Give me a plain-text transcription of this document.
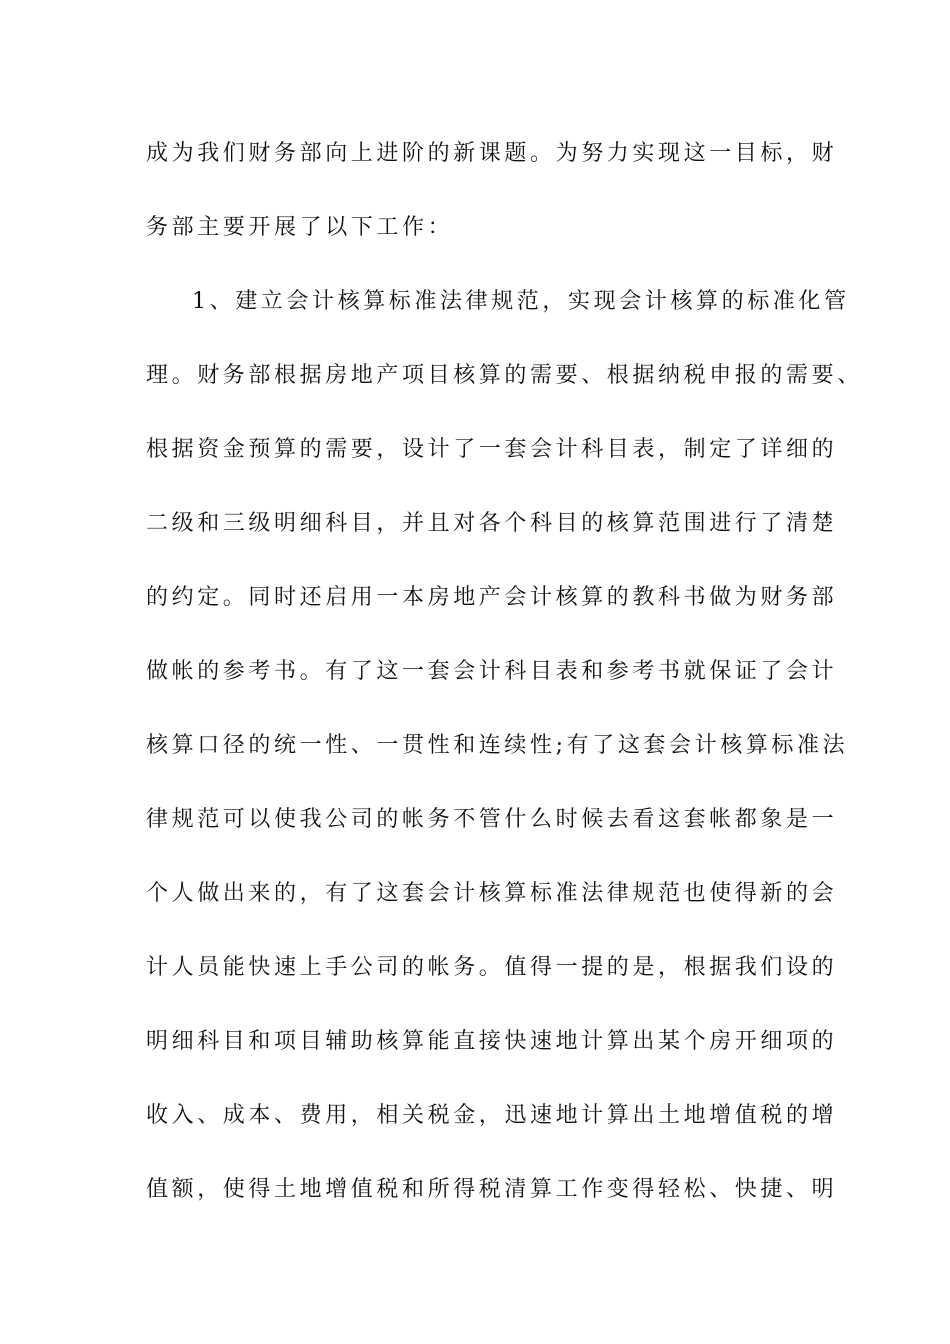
成为我们财务部向上进阶的新课题。为努力实现这一目标，财
务部主要开展了以下工作：
1、建立会计核算标准法律规范，实现会计核算的标准化管
理。财务部根据房地产项目核算的需要、根据纳税申报的需要、
根据资金预算的需要，设计了一套会计科目表，制定了详细的
二级和三级明细科目，并且对各个科目的核算范围进行了清楚
的约定。同时还启用一本房地产会计核算的教科书做为财务部
做帐的参考书。有了这一套会计科目表和参考书就保证了会计
核算口径的统一性、一贯性和连续性;有了这套会计核算标准法
律规范可以使我公司的帐务不管什么时候去看这套帐都象是一
个人做出来的，有了这套会计核算标准法律规范也使得新的会
计人员能快速上手公司的帐务。值得一提的是，根据我们设的
明细科目和项目辅助核算能直接快速地计算出某个房开细项的
收入、成本、费用，相关税金，迅速地计算出土地增值税的增
值额，使得土地增值税和所得税清算工作变得轻松、快捷、明
